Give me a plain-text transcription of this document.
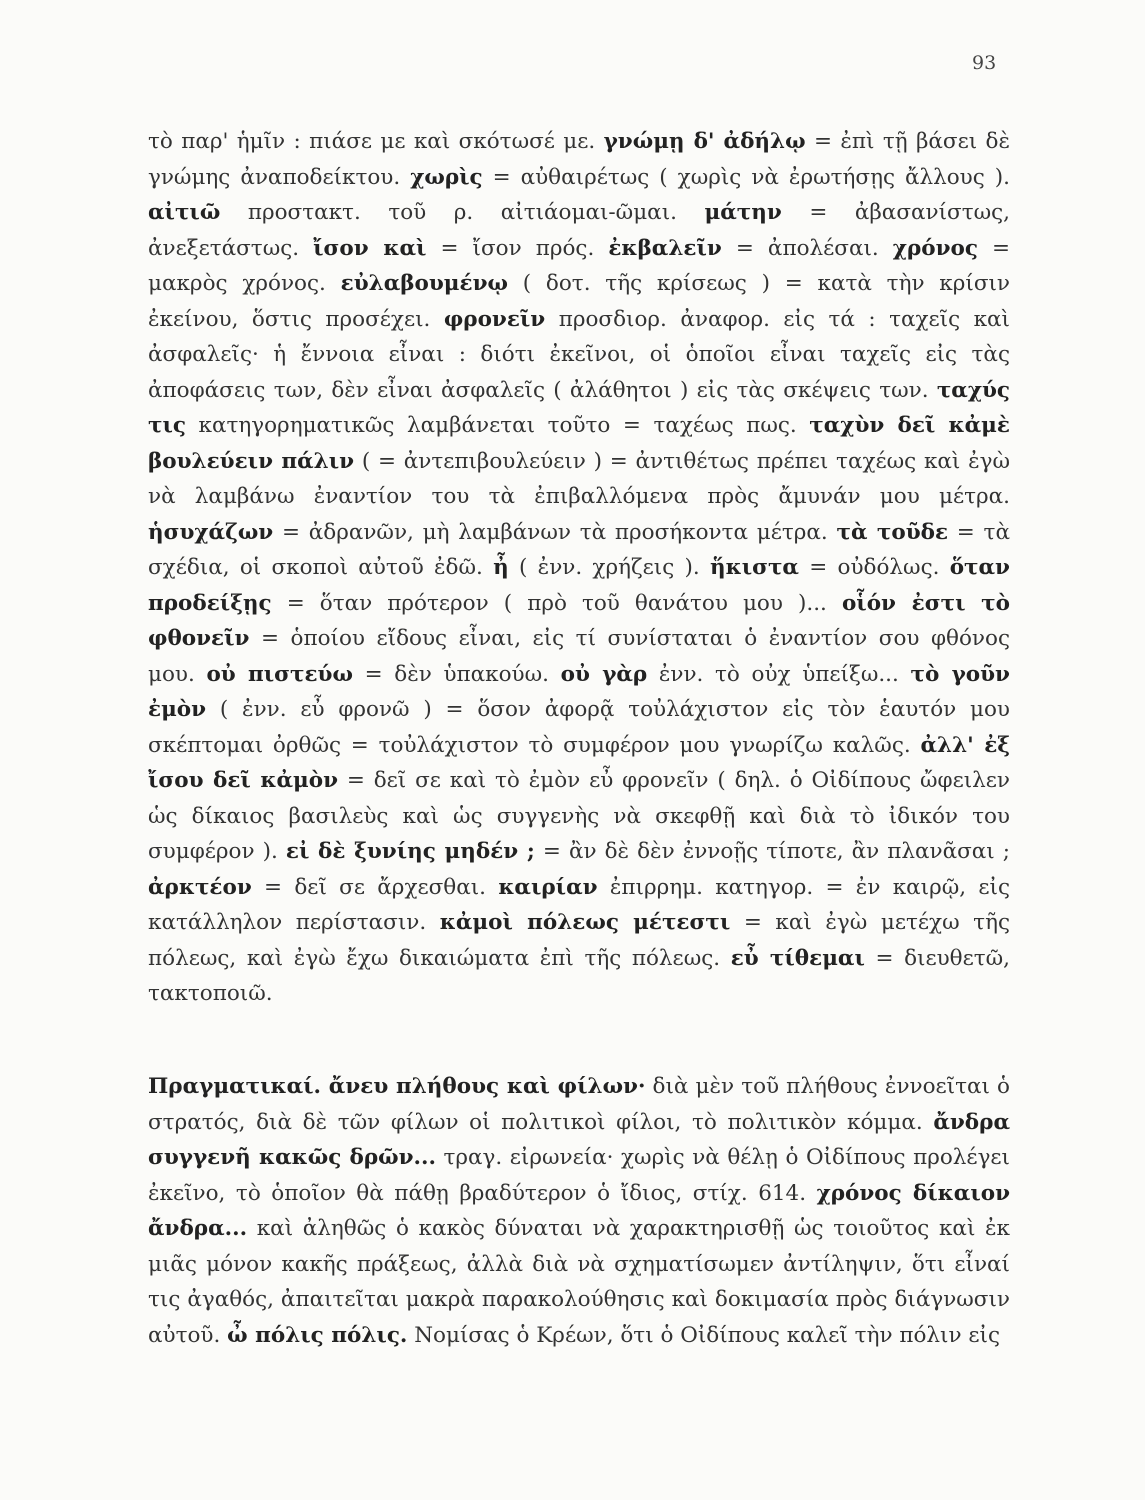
93
τὸ παρ' ἡμῖν : πιάσε με καὶ σκότωσέ με. γνώμῃ δ' ἀδήλῳ = ἐπὶ τῇ βάσει δὲ γνώμης ἀναποδείκτου. χωρὶς = αὐθαιρέτως ( χωρὶς νὰ ἐρωτήσῃς ἄλλους ). αἰτιῶ προστακτ. τοῦ ρ. αἰτιάομαι-ῶμαι. μάτην = ἀβασανίστως, ἀνεξετάστως. ἴσον καὶ = ἴσον πρός. ἐκβαλεῖν = ἀπολέσαι. χρόνος = μακρὸς χρόνος. εὐλαβουμένῳ ( δοτ. τῆς κρίσεως ) = κατὰ τὴν κρίσιν ἐκείνου, ὅστις προσέχει. φρονεῖν προσδιορ. ἀναφορ. εἰς τά : ταχεῖς καὶ ἀσφαλεῖς· ἡ ἔννοια εἶναι : διότι ἐκεῖνοι, οἱ ὁποῖοι εἶναι ταχεῖς εἰς τὰς ἀποφάσεις των, δὲν εἶναι ἀσφαλεῖς ( ἀλάθητοι ) εἰς τὰς σκέψεις των. ταχύς τις κατηγορηματικῶς λαμβάνεται τοῦτο = ταχέως πως. ταχὺν δεῖ κἀμὲ βουλεύειν πάλιν ( = ἀντεπιβουλεύειν ) = ἀντιθέτως πρέπει ταχέως καὶ ἐγὼ νὰ λαμβάνω ἐναντίον του τὰ ἐπιβαλλόμενα πρὸς ἄμυνάν μου μέτρα. ἡσυχάζων = ἀδρανῶν, μὴ λαμβάνων τὰ προσήκοντα μέτρα. τὰ τοῦδε = τὰ σχέδια, οἱ σκοποὶ αὐτοῦ ἐδῶ. ἦ ( ἐνν. χρήζεις ). ἥκιστα = οὐδόλως. ὅταν προδείξῃς = ὅταν πρότερον ( πρὸ τοῦ θανάτου μου )... οἷόν ἐστι τὸ φθονεῖν = ὁποίου εἴδους εἶναι, εἰς τί συνίσταται ὁ ἐναντίον σου φθόνος μου. οὐ πιστεύω = δὲν ὑπακούω. οὐ γὰρ ἐνν. τὸ οὐχ ὑπείξω... τὸ γοῦν ἐμὸν ( ἐνν. εὖ φρονῶ ) = ὅσον ἀφορᾷ τοὐλάχιστον εἰς τὸν ἑαυτόν μου σκέπτομαι ὀρθῶς = τοὐλάχιστον τὸ συμφέρον μου γνωρίζω καλῶς. ἀλλ' ἐξ ἴσου δεῖ κἀμὸν = δεῖ σε καὶ τὸ ἐμὸν εὖ φρονεῖν ( δηλ. ὁ Οἰδίπους ὤφειλεν ὡς δίκαιος βασιλεὺς καὶ ὡς συγγενὴς νὰ σκεφθῇ καὶ διὰ τὸ ἰδικόν του συμφέρον ). εἰ δὲ ξυνίης μηδέν ; = ἂν δὲ δὲν ἐννοῇς τίποτε, ἂν πλανᾶσαι ; ἀρκτέον = δεῖ σε ἄρχεσθαι. καιρίαν ἐπιρρημ. κατηγορ. = ἐν καιρῷ, εἰς κατάλληλον περίστασιν. κἀμοὶ πόλεως μέτεστι = καὶ ἐγὼ μετέχω τῆς πόλεως, καὶ ἐγὼ ἔχω δικαιώματα ἐπὶ τῆς πόλεως. εὖ τίθεμαι = διευθετῶ, τακτοποιῶ.
Πραγματικαί. ἄνευ πλήθους καὶ φίλων· διὰ μὲν τοῦ πλήθους ἐννοεῖται ὁ στρατός, διὰ δὲ τῶν φίλων οἱ πολιτικοὶ φίλοι, τὸ πολιτικὸν κόμμα. ἄνδρα συγγενῆ κακῶς δρῶν... τραγ. εἰρωνεία· χωρὶς νὰ θέλῃ ὁ Οἰδίπους προλέγει ἐκεῖνο, τὸ ὁποῖον θὰ πάθῃ βραδύτερον ὁ ἴδιος, στίχ. 614. χρόνος δίκαιον ἄνδρα... καὶ ἀληθῶς ὁ κακὸς δύναται νὰ χαρακτηρισθῇ ὡς τοιοῦτος καὶ ἐκ μιᾶς μόνον κακῆς πράξεως, ἀλλὰ διὰ νὰ σχηματίσωμεν ἀντίληψιν, ὅτι εἶναί τις ἀγαθός, ἀπαιτεῖται μακρὰ παρακολούθησις καὶ δοκιμασία πρὸς διάγνωσιν αὐτοῦ. ὦ πόλις πόλις. Νομίσας ὁ Κρέων, ὅτι ὁ Οἰδίπους καλεῖ τὴν πόλιν εἰς
